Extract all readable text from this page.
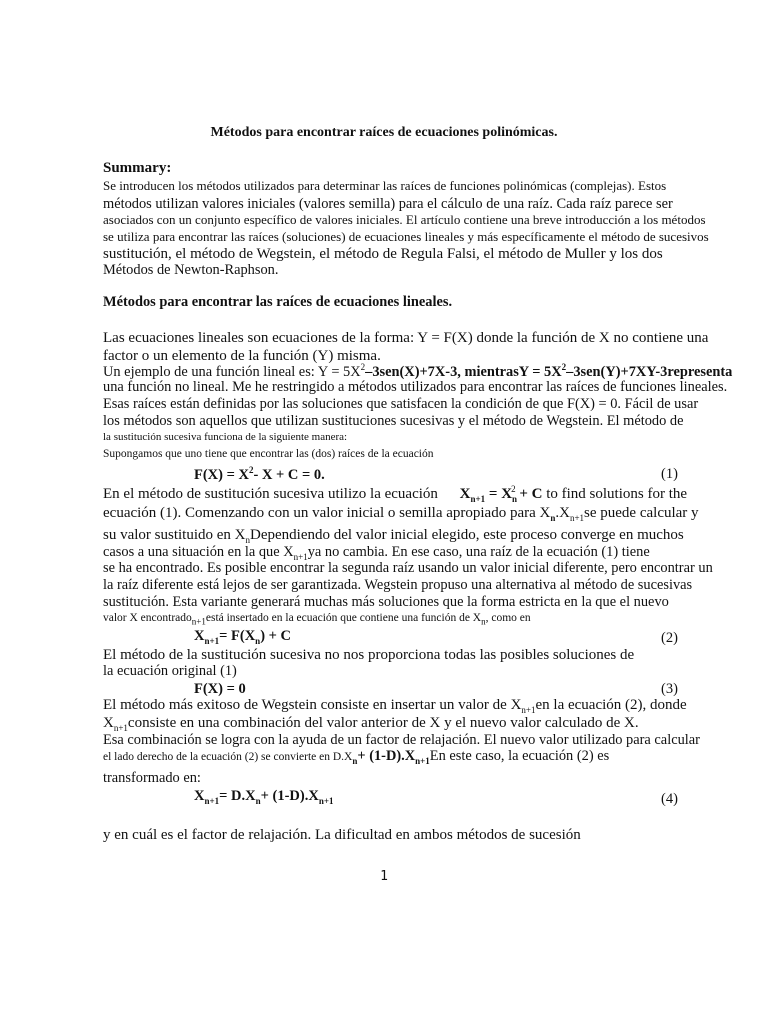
Métodos para encontrar raíces de ecuaciones polinómicas.
Summary:
Se introducen los métodos utilizados para determinar las raíces de funciones polinómicas (complejas). Estos
métodos utilizan valores iniciales (valores semilla) para el cálculo de una raíz. Cada raíz parece ser
asociados con un conjunto específico de valores iniciales. El artículo contiene una breve introducción a los métodos
se utiliza para encontrar las raíces (soluciones) de ecuaciones lineales y más específicamente el método de sucesivos
sustitución, el método de Wegstein, el método de Regula Falsi, el método de Muller y los dos
Métodos de Newton-Raphson.
Métodos para encontrar las raíces de ecuaciones lineales.
Las ecuaciones lineales son ecuaciones de la forma: Y = F(X) donde la función de X no contiene una
factor o un elemento de la función (Y) misma.
Un ejemplo de una función lineal es: $Y = 5X^2-3sen(X)+7X-3$, mientrasY = $5X^2-3sen(Y)+7XY-3representa$
una función no lineal. Me he restringido a métodos utilizados para encontrar las raíces de funciones lineales.
Esas raíces están definidas por las soluciones que satisfacen la condición de que F(X) = 0. Fácil de usar
los métodos son aquellos que utilizan sustituciones sucesivas y el método de Wegstein. El método de
la sustitución sucesiva funciona de la siguiente manera:
Supongamos que uno tiene que encontrar las (dos) raíces de la ecuación
$F(X) = X^2-$ X + C = 0.	(1)
En el método de sustitución sucesiva utilizo la ecuación $X_{n+1} = X_n^2 + C$ to find solutions for the
ecuación (1). Comenzando con un valor inicial o semilla apropiado para $X_n.X_{n+1}se$ puede calcular y
su valor sustituido en $X_nDependiendo$ del valor inicial elegido, este proceso converge en muchos
casos a una situación en la que $X_{n+1}ya$ no cambia. En ese caso, una raíz de la ecuación (1) tiene
se ha encontrado. Es posible encontrar la segunda raíz usando un valor inicial diferente, pero encontrar un
la raíz diferente está lejos de ser garantizada. Wegstein propuso una alternativa al método de sucesivas
sustitución. Esta variante generará muchas más soluciones que la forma estricta en la que el nuevo
valor X encontrado$_{n+1}$está insertado en la ecuación que contiene una función de $X_n$, como en
$X_{n+1}= F(X_n) + C$	(2)
El método de la sustitución sucesiva no nos proporciona todas las posibles soluciones de
la ecuación original (1)
F(X) = 0	(3)
El método más exitoso de Wegstein consiste en insertar un valor de $X_{n+1}en$ la ecuación (2), donde
$X_{n+1}consiste$ en una combinación del valor anterior de X y el nuevo valor calculado de X.
Esa combinación se logra con la ayuda de un factor de relajación. El nuevo valor utilizado para calcular
el lado derecho de la ecuación (2) se convierte en $D.X_n+ (1-D).X_{n+1}En$ este caso, la ecuación (2) es
transformado en:
$X_{n+1}= D.X_n+ (1-D).X_{n+1}$	(4)
y en cuál es el factor de relajación. La dificultad en ambos métodos de sucesión
1
